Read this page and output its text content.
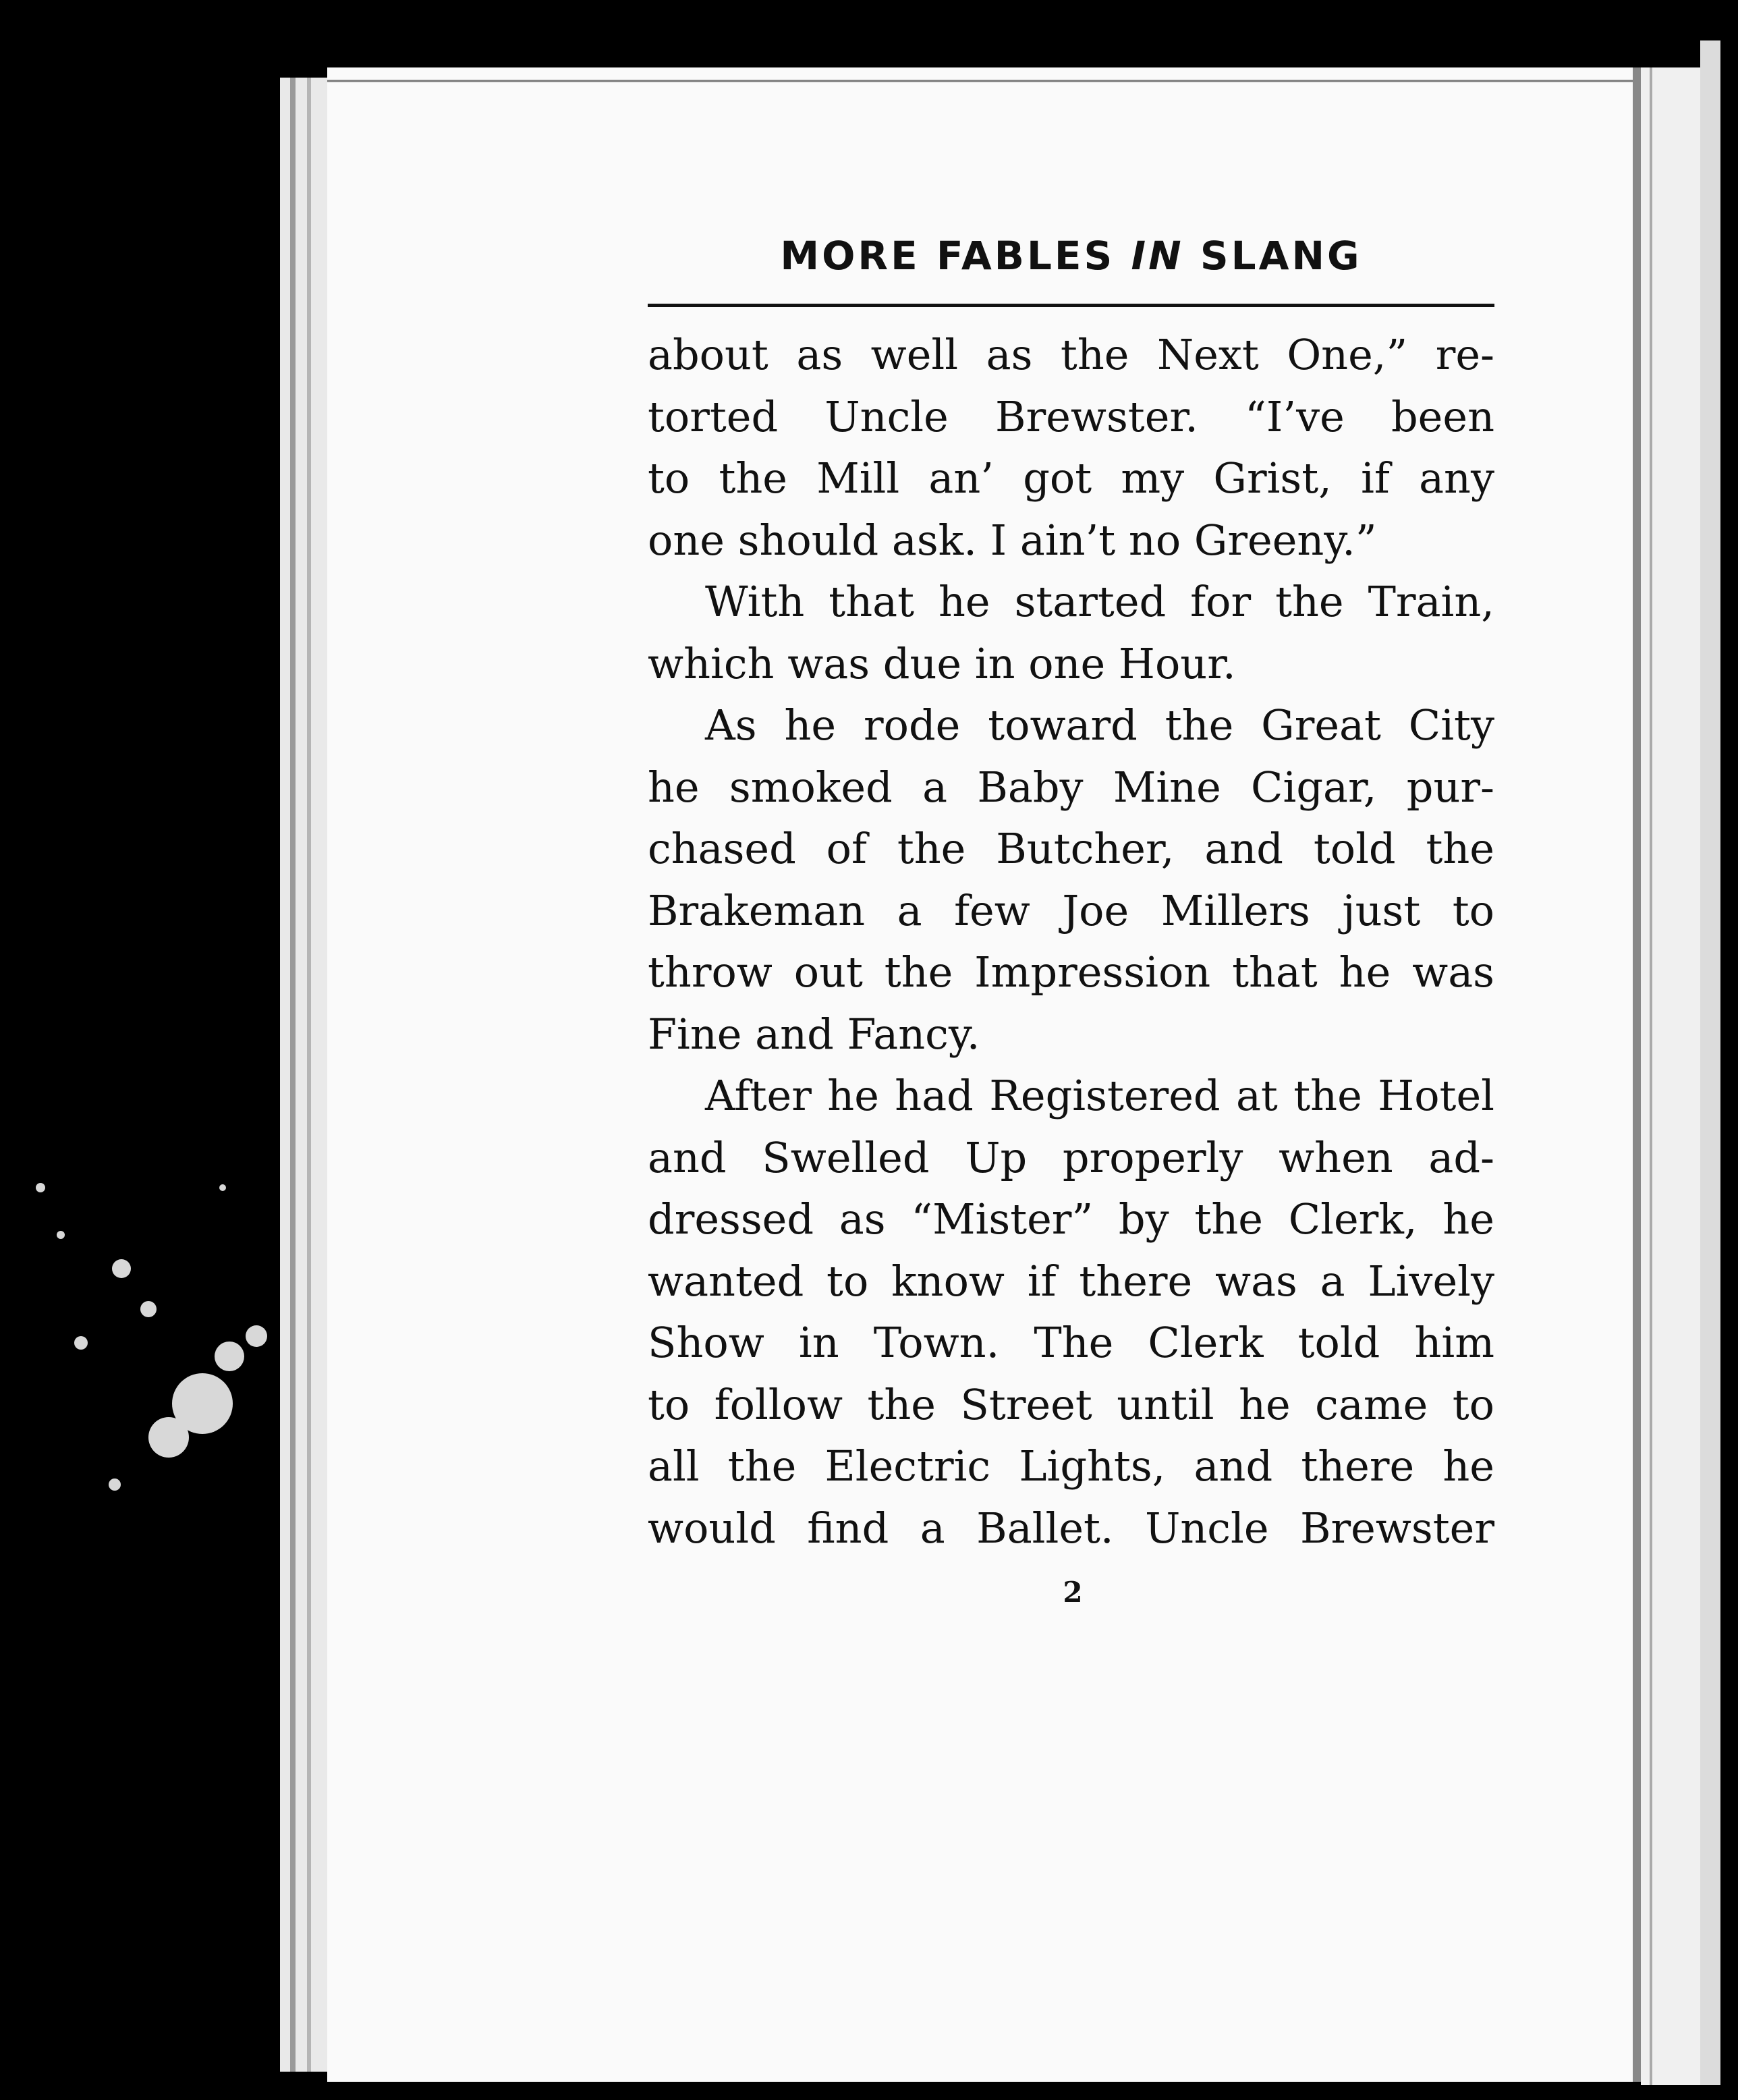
MORE FABLES IN SLANG
about as well as the Next One,” re-
torted Uncle Brewster. “I’ve been
to the Mill an’ got my Grist, if any
one should ask. I ain’t no Greeny.”
With that he started for the Train,
which was due in one Hour.
As he rode toward the Great City
he smoked a Baby Mine Cigar, pur-
chased of the Butcher, and told the
Brakeman a few Joe Millers just to
throw out the Impression that he was
Fine and Fancy.
After he had Registered at the Hotel
and Swelled Up properly when ad-
dressed as “Mister” by the Clerk, he
wanted to know if there was a Lively
Show in Town. The Clerk told him
to follow the Street until he came to
all the Electric Lights, and there he
would find a Ballet. Uncle Brewster
2
